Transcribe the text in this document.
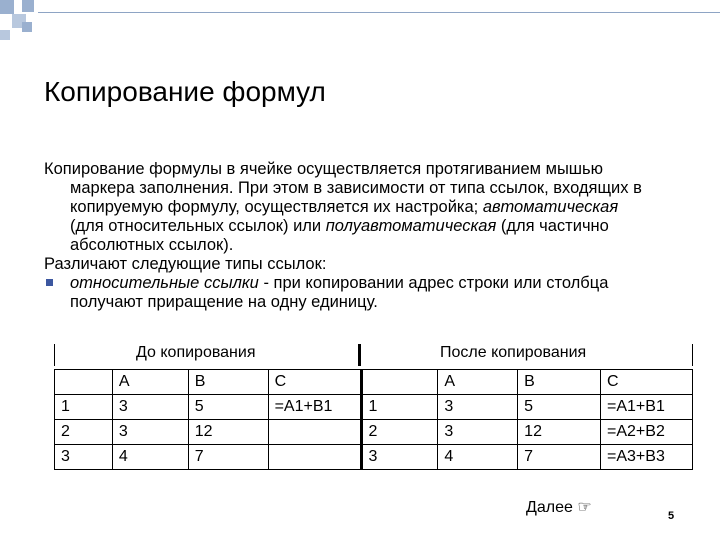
Копирование формул
Копирование формулы в ячейке осуществляется протягиванием мышью маркера заполнения. При этом в зависимости от типа ссылок, входящих в копируемую формулу, осуществляется их настройка; автоматическая (для относительных ссылок) или полуавтоматическая (для частично абсолютных ссылок).
Различают следующие типы ссылок:
относительные ссылки - при копировании адрес строки или столбца получают приращение на одну единицу.
До копирования	После копирования
	A	B	C		A	B	C
1	3	5	=A1+B1	1	3	5	=A1+B1
2	3	12		2	3	12	=A2+B2
3	4	7		3	4	7	=A3+B3
Далее ☞	5
